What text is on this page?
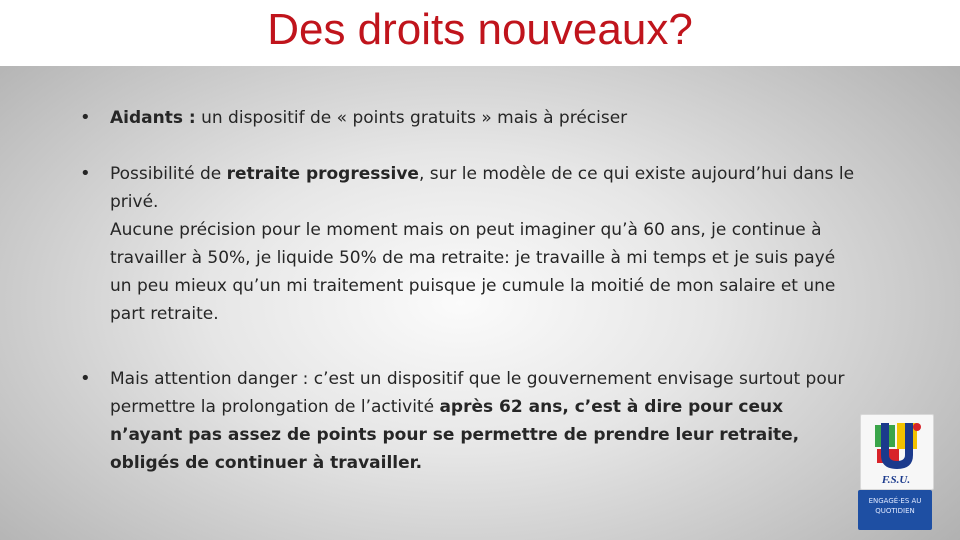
Des droits nouveaux?
• Aidants : un dispositif de « points gratuits » mais à préciser
• Possibilité de retraite progressive, sur le modèle de ce qui existe aujourd’hui dans le privé.
Aucune précision pour le moment mais on peut imaginer qu’à 60 ans, je continue à travailler à 50%, je liquide 50% de ma retraite: je travaille à mi temps et je suis payé un peu mieux qu’un mi traitement puisque je cumule la moitié de mon salaire et une part retraite.
• Mais attention danger : c’est un dispositif que le gouvernement envisage surtout pour permettre la prolongation de l’activité après 62 ans, c’est à dire pour ceux n’ayant pas assez de points pour se permettre de prendre leur retraite, obligés de continuer à travailler.
F.S.U.
ENGAGÉ·ES AU QUOTIDIEN
